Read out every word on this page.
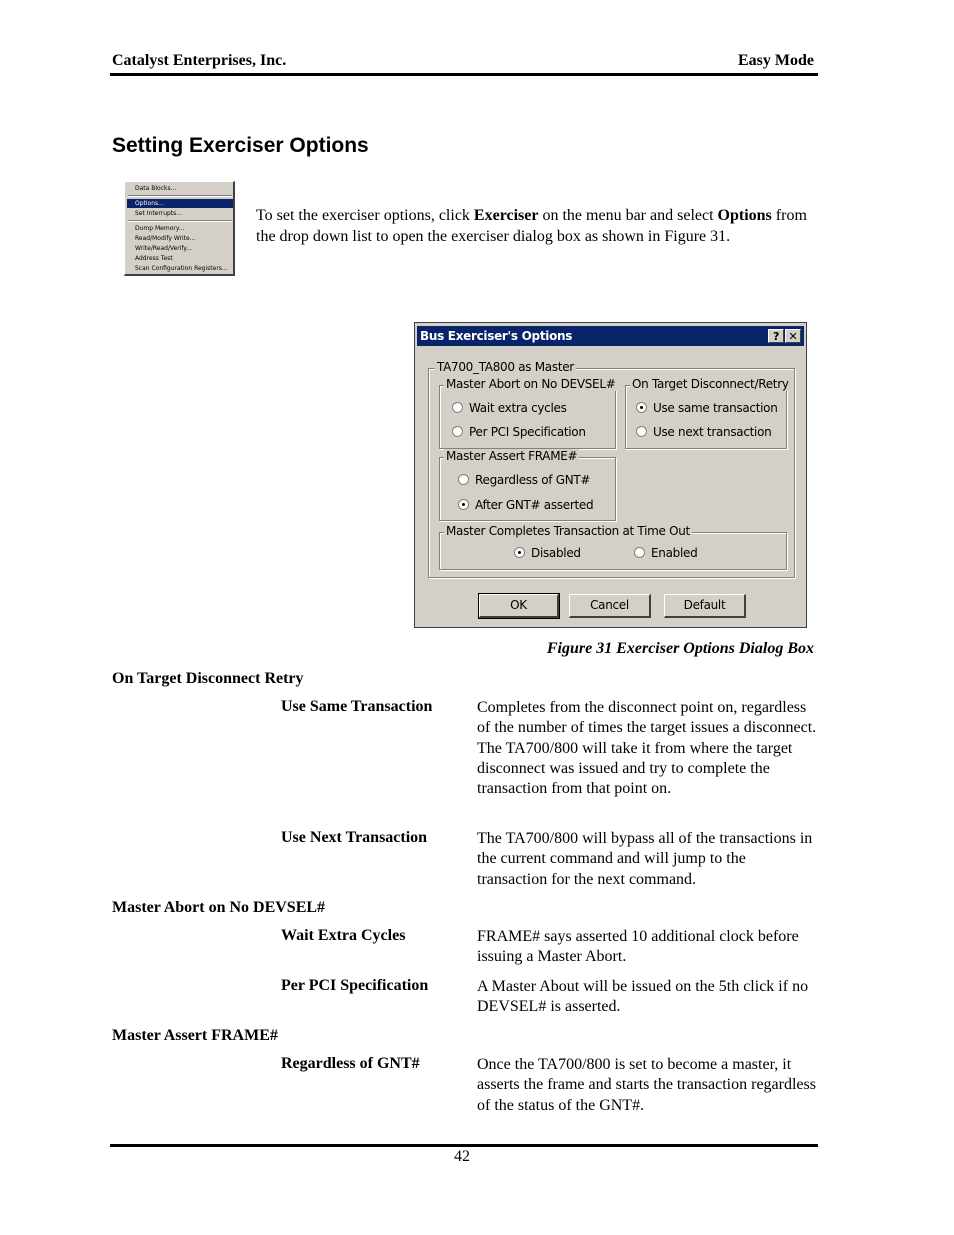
Catalyst Enterprises, Inc.	Easy Mode
Setting Exerciser Options
Data Blocks...
Options...
Set Interrupts...
Dump Memory...
Read/Modify Write...
Write/Read/Verify...
Address Test
Scan Configuration Registers...
To set the exerciser options, click Exerciser on the menu bar and select Options from the drop down list to open the exerciser dialog box as shown in Figure 31.
Bus Exerciser's Options	? ✕
TA700_TA800 as Master
Master Abort on No DEVSEL#
Wait extra cycles
Per PCI Specification
On Target Disconnect/Retry
Use same transaction
Use next transaction
Master Assert FRAME#
Regardless of GNT#
After GNT# asserted
Master Completes Transaction at Time Out
Disabled	Enabled
OK	Cancel	Default
Figure 31 Exerciser Options Dialog Box
On Target Disconnect Retry
Use Same Transaction	Completes from the disconnect point on, regardless of the number of times the target issues a disconnect. The TA700/800 will take it from where the target disconnect was issued and try to complete the transaction from that point on.
Use Next Transaction	The TA700/800 will bypass all of the transactions in the current command and will jump to the transaction for the next command.
Master Abort on No DEVSEL#
Wait Extra Cycles	FRAME# says asserted 10 additional clock before issuing a Master Abort.
Per PCI Specification	A Master About will be issued on the 5th click if no DEVSEL# is asserted.
Master Assert FRAME#
Regardless of GNT#	Once the TA700/800 is set to become a master, it asserts the frame and starts the transaction regardless of the status of the GNT#.
42
